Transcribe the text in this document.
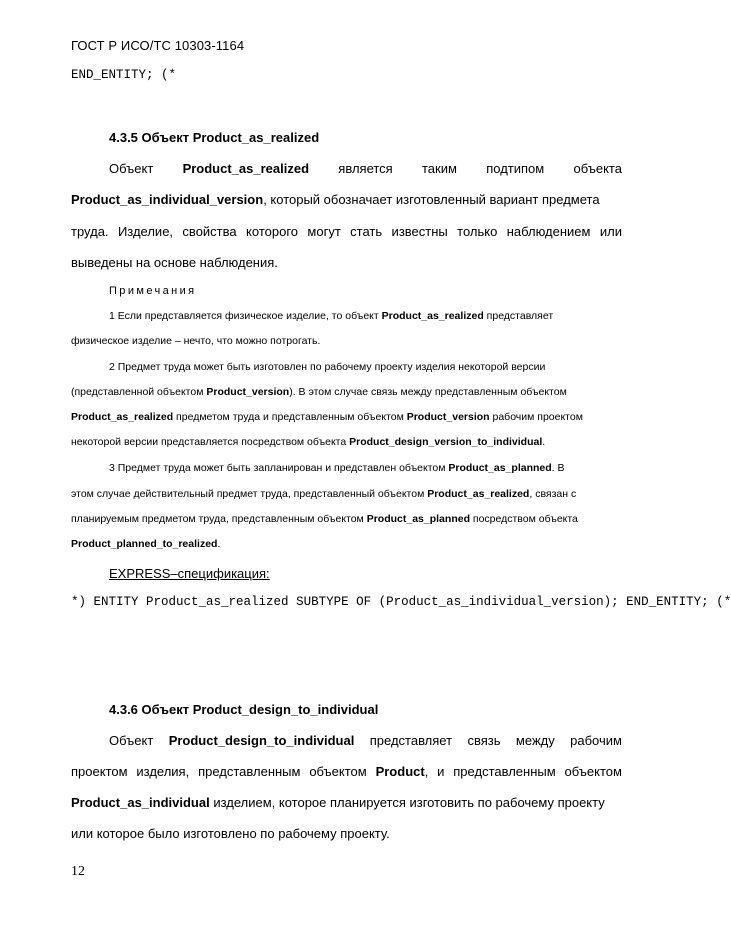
ГОСТ Р ИСО/ТС 10303-1164
END_ENTITY; (*
4.3.5 Объект Product_as_realized
Объект Product_as_realized является таким подтипом объекта
Product_as_individual_version, который обозначает изготовленный вариант предмета
труда. Изделие, свойства которого могут стать известны только наблюдением или
выведены на основе наблюдения.
Примечания
1 Если представляется физическое изделие, то объект Product_as_realized представляет
физическое изделие – нечто, что можно потрогать.
2 Предмет труда может быть изготовлен по рабочему проекту изделия некоторой версии
(представленной объектом Product_version). В этом случае связь между представленным объектом
Product_as_realized предметом труда и представленным объектом Product_version рабочим проектом
некоторой версии представляется посредством объекта Product_design_version_to_individual.
3 Предмет труда может быть запланирован и представлен объектом Product_as_planned. В
этом случае действительный предмет труда, представленный объектом Product_as_realized, связан с
планируемым предметом труда, представленным объектом Product_as_planned посредством объекта
Product_planned_to_realized.
EXPRESS–спецификация:
*) ENTITY Product_as_realized SUBTYPE OF (Product_as_individual_version); END_ENTITY; (*
4.3.6 Объект Product_design_to_individual
Объект Product_design_to_individual представляет связь между рабочим
проектом изделия, представленным объектом Product, и представленным объектом
Product_as_individual изделием, которое планируется изготовить по рабочему проекту
или которое было изготовлено по рабочему проекту.
12
